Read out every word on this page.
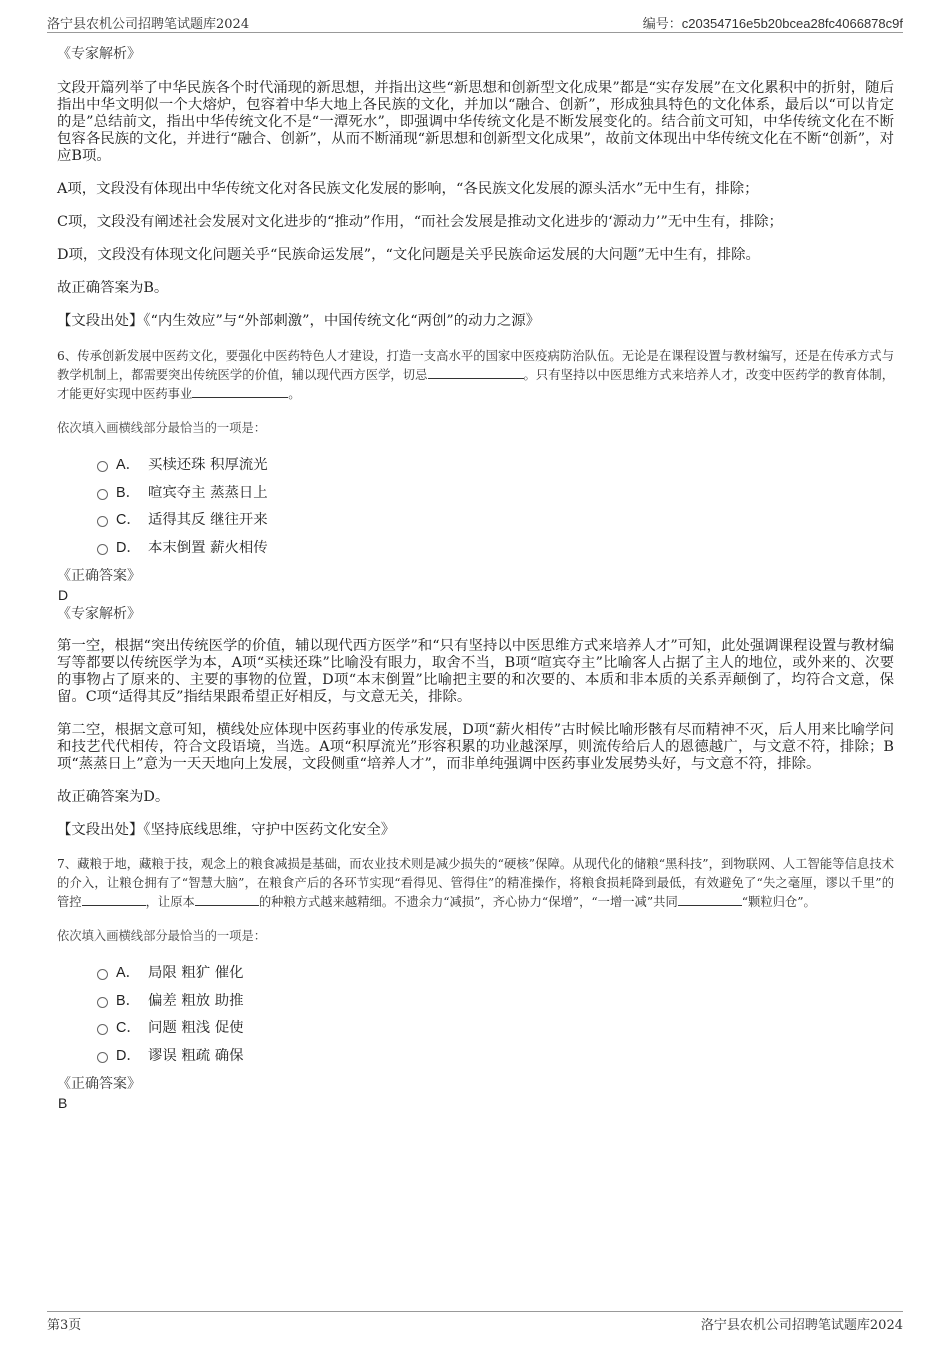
洛宁县农机公司招聘笔试题库2024	编号：c20354716e5b20bcea28fc4066878c9f

《专家解析》

文段开篇列举了中华民族各个时代涌现的新思想，并指出这些“新思想和创新型文化成果”都是“实存发展”在文化累积中的折射，随后指出中华文明似一个大熔炉，包容着中华大地上各民族的文化，并加以“融合、创新”，形成独具特色的文化体系，最后以“可以肯定的是”总结前文，指出中华传统文化不是“一潭死水”，即强调中华传统文化是不断发展变化的。结合前文可知，中华传统文化在不断包容各民族的文化，并进行“融合、创新”，从而不断涌现“新思想和创新型文化成果”，故前文体现出中华传统文化在不断“创新”，对应B项。

A项，文段没有体现出中华传统文化对各民族文化发展的影响，“各民族文化发展的源头活水”无中生有，排除；

C项，文段没有阐述社会发展对文化进步的“推动”作用，“而社会发展是推动文化进步的‘源动力’”无中生有，排除；

D项，文段没有体现文化问题关乎“民族命运发展”，“文化问题是关乎民族命运发展的大问题”无中生有，排除。

故正确答案为B。

【文段出处】《“内生效应”与“外部刺激”，中国传统文化“两创”的动力之源》

6、传承创新发展中医药文化，要强化中医药特色人才建设，打造一支高水平的国家中医疫病防治队伍。无论是在课程设置与教材编写，还是在传承方式与教学机制上，都需要突出传统医学的价值，辅以现代西方医学，切忌	。只有坚持以中医思维方式来培养人才，改变中医药学的教育体制，才能更好实现中医药事业	。

依次填入画横线部分最恰当的一项是：

A． 买椟还珠 积厚流光
B． 喧宾夺主 蒸蒸日上
C． 适得其反 继往开来
D． 本末倒置 薪火相传

《正确答案》

D

《专家解析》

第一空，根据“突出传统医学的价值，辅以现代西方医学”和“只有坚持以中医思维方式来培养人才”可知，此处强调课程设置与教材编写等都要以传统医学为本，A项“买椟还珠”比喻没有眼力，取舍不当，B项“喧宾夺主”比喻客人占据了主人的地位，或外来的、次要的事物占了原来的、主要的事物的位置，D项“本末倒置”比喻把主要的和次要的、本质和非本质的关系弄颠倒了，均符合文意，保留。C项“适得其反”指结果跟希望正好相反，与文意无关，排除。

第二空，根据文意可知，横线处应体现中医药事业的传承发展，D项“薪火相传”古时候比喻形骸有尽而精神不灭，后人用来比喻学问和技艺代代相传，符合文段语境，当选。A项“积厚流光”形容积累的功业越深厚，则流传给后人的恩德越广，与文意不符，排除；B项“蒸蒸日上”意为一天天地向上发展，文段侧重“培养人才”，而非单纯强调中医药事业发展势头好，与文意不符，排除。

故正确答案为D。

【文段出处】《坚持底线思维，守护中医药文化安全》

7、藏粮于地，藏粮于技，观念上的粮食减损是基础，而农业技术则是减少损失的“硬核”保障。从现代化的储粮“黑科技”，到物联网、人工智能等信息技术的介入，让粮仓拥有了“智慧大脑”，在粮食产后的各环节实现“看得见、管得住”的精准操作，将粮食损耗降到最低，有效避免了“失之毫厘，谬以千里”的管控	，让原本	的种粮方式越来越精细。不遗余力“减损”，齐心协力“保增”，“一增一减”共同	“颗粒归仓”。

依次填入画横线部分最恰当的一项是：

A． 局限 粗犷 催化
B． 偏差 粗放 助推
C． 问题 粗浅 促使
D． 谬误 粗疏 确保

《正确答案》

B

第3页	洛宁县农机公司招聘笔试题库2024
